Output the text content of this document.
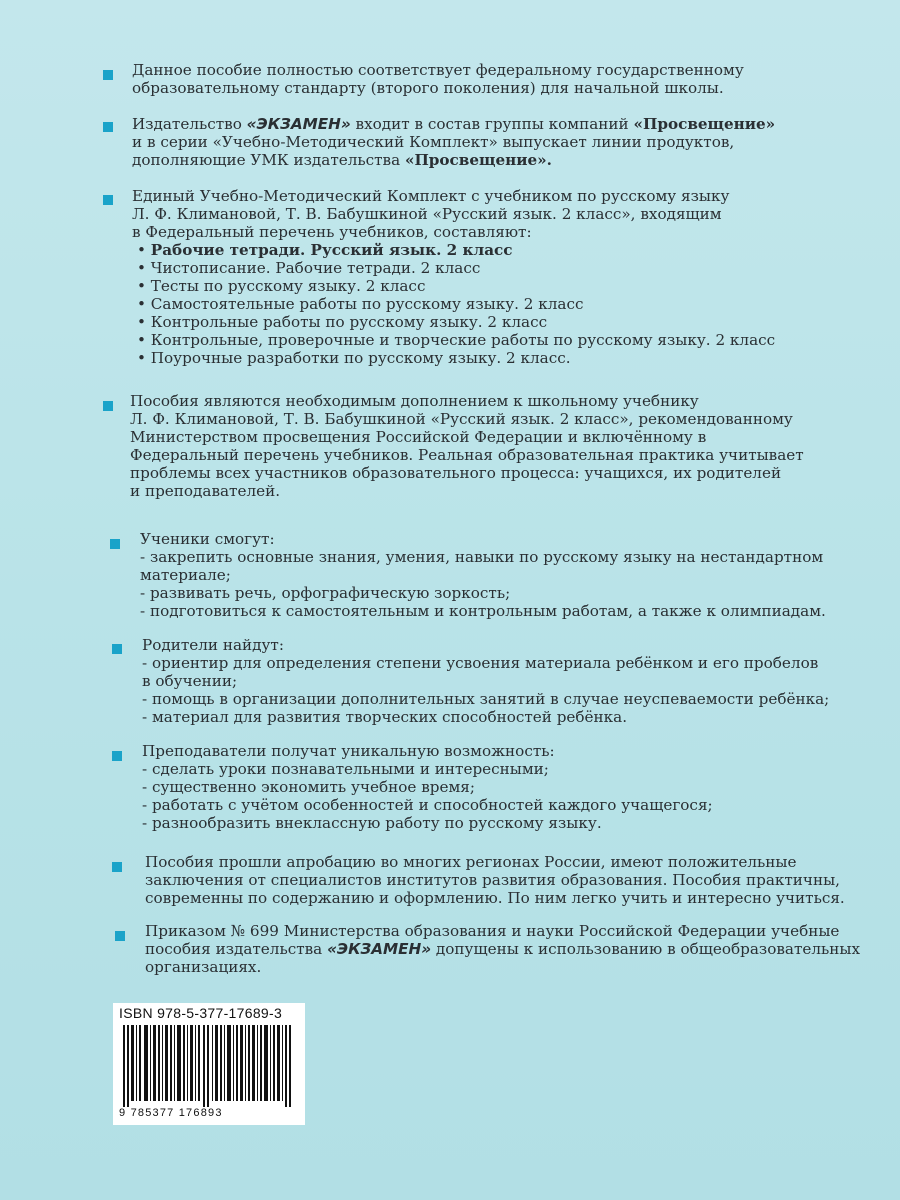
Данное пособие полностью соответствует федеральному государственному
образовательному стандарту (второго поколения) для начальной школы.
Издательство «ЭКЗАМЕН» входит в состав группы компаний «Просвещение»
и в серии «Учебно-Методический Комплект» выпускает линии продуктов,
дополняющие УМК издательства «Просвещение».
Единый Учебно-Методический Комплект с учебником по русскому языку
Л. Ф. Климановой, Т. В. Бабушкиной «Русский язык. 2 класс», входящим
в Федеральный перечень учебников, составляют:
• Рабочие тетради. Русский язык. 2 класс
• Чистописание. Рабочие тетради. 2 класс
• Тесты по русскому языку. 2 класс
• Самостоятельные работы по русскому языку. 2 класс
• Контрольные работы по русскому языку. 2 класс
• Контрольные, проверочные и творческие работы по русскому языку. 2 класс
• Поурочные разработки по русскому языку. 2 класс.
Пособия являются необходимым дополнением к школьному учебнику
Л. Ф. Климановой, Т. В. Бабушкиной «Русский язык. 2 класс», рекомендованному
Министерством просвещения Российской Федерации и включённому в
Федеральный перечень учебников. Реальная образовательная практика учитывает
проблемы всех участников образовательного процесса: учащихся, их родителей
и преподавателей.
Ученики смогут:
- закрепить основные знания, умения, навыки по русскому языку на нестандартном
материале;
- развивать речь, орфографическую зоркость;
- подготовиться к самостоятельным и контрольным работам, а также к олимпиадам.
Родители найдут:
- ориентир для определения степени усвоения материала ребёнком и его пробелов
в обучении;
- помощь в организации дополнительных занятий в случае неуспеваемости ребёнка;
- материал для развития творческих способностей ребёнка.
Преподаватели получат уникальную возможность:
- сделать уроки познавательными и интересными;
- существенно экономить учебное время;
- работать с учётом особенностей и способностей каждого учащегося;
- разнообразить внеклассную работу по русскому языку.
Пособия прошли апробацию во многих регионах России, имеют положительные
заключения от специалистов институтов развития образования. Пособия практичны,
современны по содержанию и оформлению. По ним легко учить и интересно учиться.
Приказом № 699 Министерства образования и науки Российской Федерации учебные
пособия издательства «ЭКЗАМЕН» допущены к использованию в общеобразовательных
организациях.
ISBN 978-5-377-17689-3
9 785377 176893
